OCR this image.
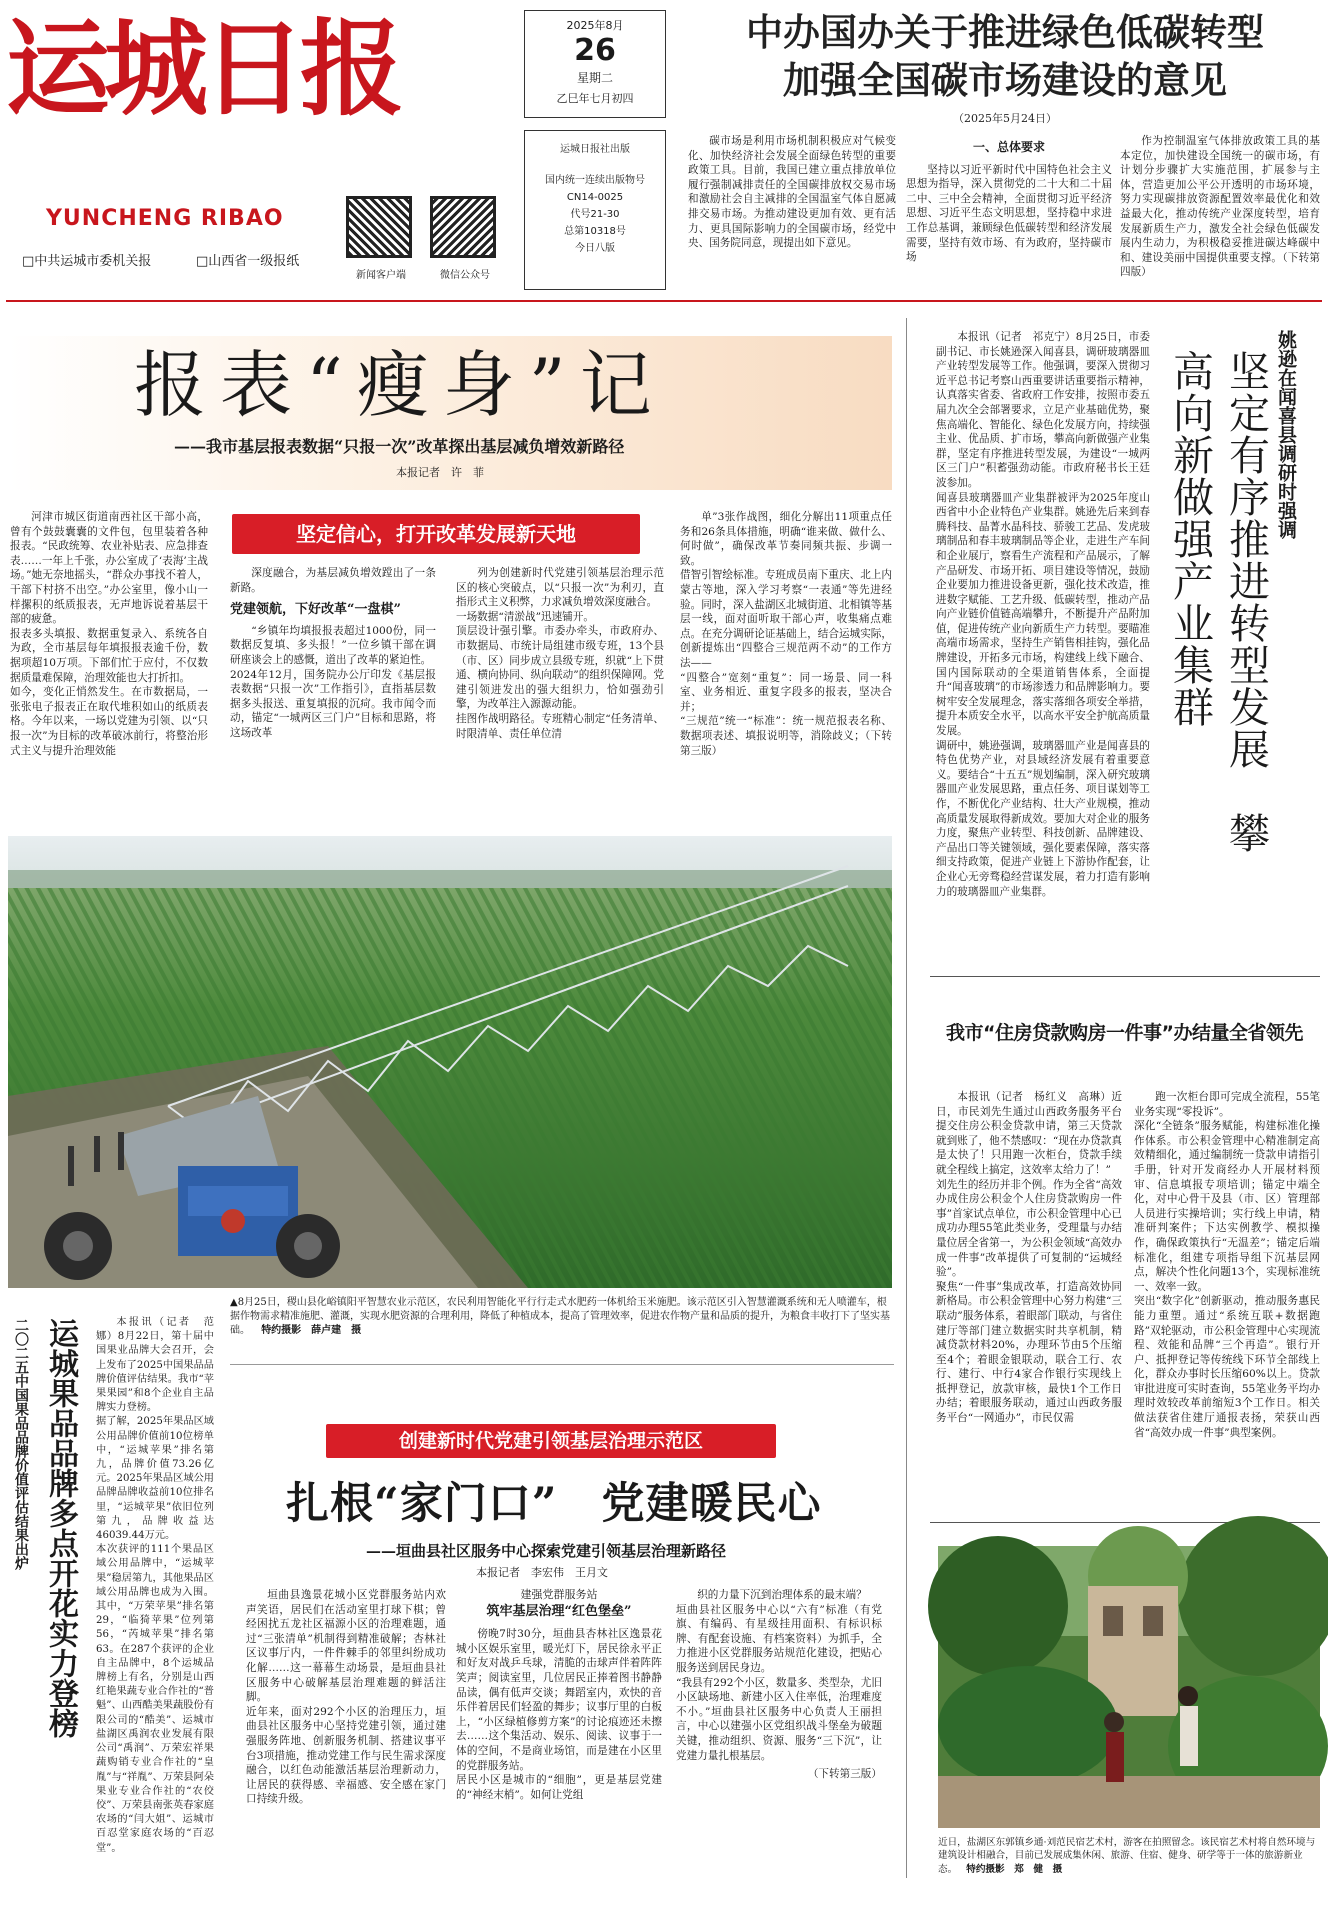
运城日报
YUNCHENG RIBAO
□中共运城市委机关报	□山西省一级报纸
新闻客户端	微信公众号
2025年8月
26
星期二
乙巳年七月初四
运城日报社出版
国内统一连续出版物号
CN14-0025
代号21-30
总第10318号
今日八版
中办国办关于推进绿色低碳转型
加强全国碳市场建设的意见
（2025年5月24日）

碳市场是利用市场机制积极应对气候变化、加快经济社会发展全面绿色转型的重要政策工具。目前，我国已建立重点排放单位履行强制减排责任的全国碳排放权交易市场和激励社会自主减排的全国温室气体自愿减排交易市场。为推动建设更加有效、更有活力、更具国际影响力的全国碳市场，经党中央、国务院同意，现提出如下意见。

一、总体要求

坚持以习近平新时代中国特色社会主义思想为指导，深入贯彻党的二十大和二十届二中、三中全会精神，全面贯彻习近平经济思想、习近平生态文明思想，坚持稳中求进工作总基调，兼顾绿色低碳转型和经济发展需要，坚持有效市场、有为政府，坚持碳市场

作为控制温室气体排放政策工具的基本定位，加快建设全国统一的碳市场，有计划分步骤扩大实施范围，扩展参与主体，营造更加公平公开透明的市场环境，努力实现碳排放资源配置效率最优化和效益最大化，推动传统产业深度转型，培育发展新质生产力，激发全社会绿色低碳发展内生动力，为积极稳妥推进碳达峰碳中和、建设美丽中国提供重要支撑。（下转第四版）

报表“瘦身”记
——我市基层报表数据“只报一次”改革探出基层减负增效新路径
本报记者　许　菲
坚定信心，打开改革发展新天地

河津市城区街道南西社区干部小高，曾有个鼓鼓囊囊的文件包，包里装着各种报表。“民政统筹、农业补贴表、应急排查表……一年上千张，办公室成了‘表海’主战场。”她无奈地摇头，“群众办事找不着人，干部下村挤不出空。”办公室里，像小山一样摞积的纸质报表，无声地诉说着基层干部的疲惫。
报表多头填报、数据重复录入、系统各自为政，全市基层每年填报报表逾千份，数据项超10万项。下部们忙于应付，不仅数据质量难保障，治理效能也大打折扣。
如今，变化正悄然发生。在市数据局，一张张电子报表正在取代堆积如山的纸质表格。今年以来，一场以党建为引领、以“只报一次”为目标的改革破冰前行，将整治形式主义与提升治理效能

深度融合，为基层减负增效蹚出了一条新路。

党建领航，下好改革“一盘棋”

“乡镇年均填报报表超过1000份，同一数据反复填、多头报！”一位乡镇干部在调研座谈会上的感慨，道出了改革的紧迫性。
2024年12月，国务院办公厅印发《基层报表数据“只报一次”工作指引》，直指基层数据多头报送、重复填报的沉疴。我市闻令而动，锚定“一城两区三门户”目标和思路，将这场改革

列为创建新时代党建引领基层治理示范区的核心突破点，以“只报一次”为利刃，直指形式主义积弊，力求减负增效深度融合。
一场数据“清淤战”迅速铺开。
顶层设计强引擎。市委办牵头，市政府办、市数据局、市统计局组建市级专班，13个县（市、区）同步成立县级专班，织就“上下贯通、横向协同、纵向联动”的组织保障网。党建引领进发出的强大组织力，恰如强劲引擎，为改革注入源源动能。
挂图作战明路径。专班精心制定“任务清单、时限清单、责任单位清

单”3张作战图，细化分解出11项重点任务和26条具体措施，明确“谁来做、做什么、何时做”，确保改革节奏同频共振、步调一致。
借智引智绘标准。专班成员南下重庆、北上内蒙古等地，深入学习考察“一表通”等先进经验。同时，深入盐湖区北城街道、北相镇等基层一线，面对面听取干部心声，收集痛点难点。在充分调研论证基础上，结合运城实际，创新提炼出“四整合三规范两不动”的工作方法——
“四整合”宽刻“重复”：同一场景、同一科室、业务相近、重复字段多的报表，坚决合并；
“三规范”统一“标准”：统一规范报表名称、数据项表述、填报说明等，消除歧义；（下转第三版）

姚逊在闻喜县调研时强调
坚定有序推进转型发展　攀高向新做强产业集群

本报讯（记者　祁克宁）8月25日，市委副书记、市长姚逊深入闻喜县，调研玻璃器皿产业转型发展等工作。他强调，要深入贯彻习近平总书记考察山西重要讲话重要指示精神，认真落实省委、省政府工作安排，按照市委五届九次全会部署要求，立足产业基础优势，聚焦高端化、智能化、绿色化发展方向，持续强主业、优品质、扩市场，攀高向新做强产业集群，坚定有序推进转型发展，为建设“一城两区三门户”积蓄强劲动能。市政府秘书长王廷波参加。
闻喜县玻璃器皿产业集群被评为2025年度山西省中小企业特色产业集群。姚逊先后来到春腾科技、晶菁水晶科技、骄骏工艺品、发虎玻璃制品和春丰玻璃制品等企业，走进生产车间和企业展厅，察看生产流程和产品展示，了解产品研发、市场开拓、项目建设等情况，鼓励企业要加力推进设备更新，强化技术改造，推进数字赋能、工艺升级、低碳转型，推动产品向产业链价值链高端攀升，不断提升产品附加值，促进传统产业向新质生产力转型。要瞄准高端市场需求，坚持生产销售相挂钩，强化品牌建设，开拓多元市场，构建线上线下融合、国内国际联动的全渠道销售体系，全面提升“闻喜玻璃”的市场渗透力和品牌影响力。要树牢安全发展理念，落实落细各项安全举措，提升本质安全水平，以高水平安全护航高质量发展。
调研中，姚逊强调，玻璃器皿产业是闻喜县的特色优势产业，对县域经济发展有着重要意义。要结合“十五五”规划编制，深入研究玻璃器皿产业发展思路，重点任务、项目谋划等工作，不断优化产业结构、壮大产业规模，推动高质量发展取得新成效。要加大对企业的服务力度，聚焦产业转型、科技创新、品牌建设、产品出口等关键领域，强化要素保障，落实落细支持政策，促进产业链上下游协作配套，让企业心无旁骛稳经营谋发展，着力打造有影响力的玻璃器皿产业集群。

▲8月25日，稷山县化峪镇阳平智慧农业示范区，农民利用智能化平行行走式水肥药一体机给玉米施肥。该示范区引入智慧灌溉系统和无人喷灌车，根据作物需求精准施肥、灌溉，实现水肥资源的合理利用，降低了种植成本，提高了管理效率，促进农作物产量和品质的提升，为粮食丰收打下了坚实基础。 特约摄影　薛卢建　摄
我市“住房贷款购房一件事”办结量全省领先

本报讯（记者　杨红义　高琳）近日，市民刘先生通过山西政务服务平台提交住房公积金贷款申请，第三天贷款就到账了，他不禁感叹：“现在办贷款真是太快了！只用跑一次柜台，贷款手续就全程线上搞定，这效率太给力了！”
刘先生的经历并非个例。作为全省“高效办成住房公积金个人住房贷款购房一件事”首家试点单位，市公积金管理中心已成功办理55笔此类业务，受理量与办结量位居全省第一，为公积金领域“高效办成一件事”改革提供了可复制的“运城经验”。
聚焦“一件事”集成改革，打造高效协同新格局。市公积金管理中心努力构建“三联动”服务体系，着眼部门联动，与省住建厅等部门建立数据实时共享机制，精减贷款材料20%，办理环节由5个压缩至4个；着眼金银联动，联合工行、农行、建行、中行4家合作银行实现线上抵押登记，放款审核，最快1个工作日办结；着眼服务联动，通过山西政务服务平台“一网通办”，市民仅需

跑一次柜台即可完成全流程，55笔业务实现“零投诉”。
深化“全链条”服务赋能，构建标准化操作体系。市公积金管理中心精准制定高效精细化，通过编制统一贷款申请指引手册，针对开发商经办人开展材料预审、信息填报专项培训；锚定中端全化，对中心骨干及县（市、区）管理部人员进行实操培训；实行线上申请，精准研判案件；下达实例教学、模拟操作，确保政策执行“无温差”；锚定后端标准化，组建专项指导组下沉基层网点，解决个性化问题13个，实现标准统一、效率一致。
突出“数字化”创新驱动，推动服务惠民能力重塑。通过“系统互联+数据跑路”双轮驱动，市公积金管理中心实现流程、效能和品牌“三个再造”。银行开户、抵押登记等传统线下环节全部线上化，群众办事时长压缩60%以上。贷款审批进度可实时查询，55笔业务平均办理时效较改革前缩短3个工作日。相关做法获省住建厅通报表扬，荣获山西省“高效办成一件事”典型案例。

近日，盐湖区东郭镇乡通·刘范民宿艺术村，游客在拍照留念。该民宿艺术村将自然环境与建筑设计相融合，目前已发展成集休闲、旅游、住宿、健身、研学等于一体的旅游新业态。 特约摄影　郑　健　摄
运城果品品牌多点开花实力登榜
二〇二五中国果品品牌价值评估结果出炉	本报讯（记者　范　娜）8月22日，第十届中国果业品牌大会召开，会上发布了2025中国果品品牌价值评估结果。我市“苹果果园”和8个企业自主品牌实力登榜。
据了解，2025年果品区域公用品牌价值前10位榜单中，“运城苹果”排名第九，品牌价值73.26亿元。2025年果品区域公用品牌品牌收益前10位排名里，“运城苹果”依旧位列第九，品牌收益达46039.44万元。
本次获评的111个果品区域公用品牌中，“运城苹果”稳居第九，其他果品区域公用品牌也成为入围。其中，“万荣苹果”排名第29，“临猗苹果”位列第56，“芮城苹果”排名第63。在287个获评的企业自主品牌中，8个运城品牌榜上有名，分别是山西红艳果蔬专业合作社的“普魁”、山西酷美果蔬股份有限公司的“酷美”、运城市盐湖区禹润农业发展有限公司“禹润”、万荣宏祥果蔬购销专业合作社的“皇胤”与“祥胤”、万荣县阿朵果业专业合作社的“农佼佼”、万荣县南张英春家庭农场的“闫大姐”、运城市百忍堂家庭农场的“百忍堂”。

创建新时代党建引领基层治理示范区
扎根“家门口”　党建暖民心
——垣曲县社区服务中心探索党建引领基层治理新路径
本报记者　李宏伟　王月文

垣曲县逸景花城小区党群服务站内欢声笑语，居民们在活动室里打球下棋；曾经困扰五龙社区福源小区的治理难题，通过“三张清单”机制得到精准破解；杏林社区议事厅内，一件件棘手的邻里纠纷成功化解……这一幕幕生动场景，是垣曲县社区服务中心破解基层治理难题的鲜活注脚。
近年来，面对292个小区的治理压力，垣曲县社区服务中心坚持党建引领，通过建强服务阵地、创新服务机制、搭建议事平台3项措施，推动党建工作与民生需求深度融合，以红色动能激活基层治理新动力，让居民的获得感、幸福感、安全感在家门口持续升级。

建强党群服务站
筑牢基层治理“红色堡垒”

傍晚7时30分，垣曲县杏林社区逸景花城小区娱乐室里，暖光灯下，居民徐永平正和好友对战乒乓球，清脆的击球声伴着阵阵笑声；阅读室里，几位居民正捧着图书静静品读，偶有低声交谈；舞蹈室内，欢快的音乐伴着居民们轻盈的舞步；议事厅里的白板上，“小区绿植修剪方案”的讨论痕迹还未擦去……这个集活动、娱乐、阅读、议事于一体的空间，不是商业场馆，而是建在小区里的党群服务站。
居民小区是城市的“细胞”，更是基层党建的“神经末梢”。如何让党组

织的力量下沉到治理体系的最末端？
垣曲县社区服务中心以“六有”标准（有党旗、有编码、有星级挂用面积、有标识标牌、有配套设施、有档案资料）为抓手，全力推进小区党群服务站规范化建设，把贴心服务送到居民身边。
“我县有292个小区，数量多、类型杂，尤旧小区缺场地、新建小区入住率低，治理难度不小。”垣曲县社区服务中心负责人王丽担言，中心以建强小区党组织战斗堡垒为破题关键，推动组织、资源、服务“三下沉”，让党建力量扎根基层。

（下转第三版）
